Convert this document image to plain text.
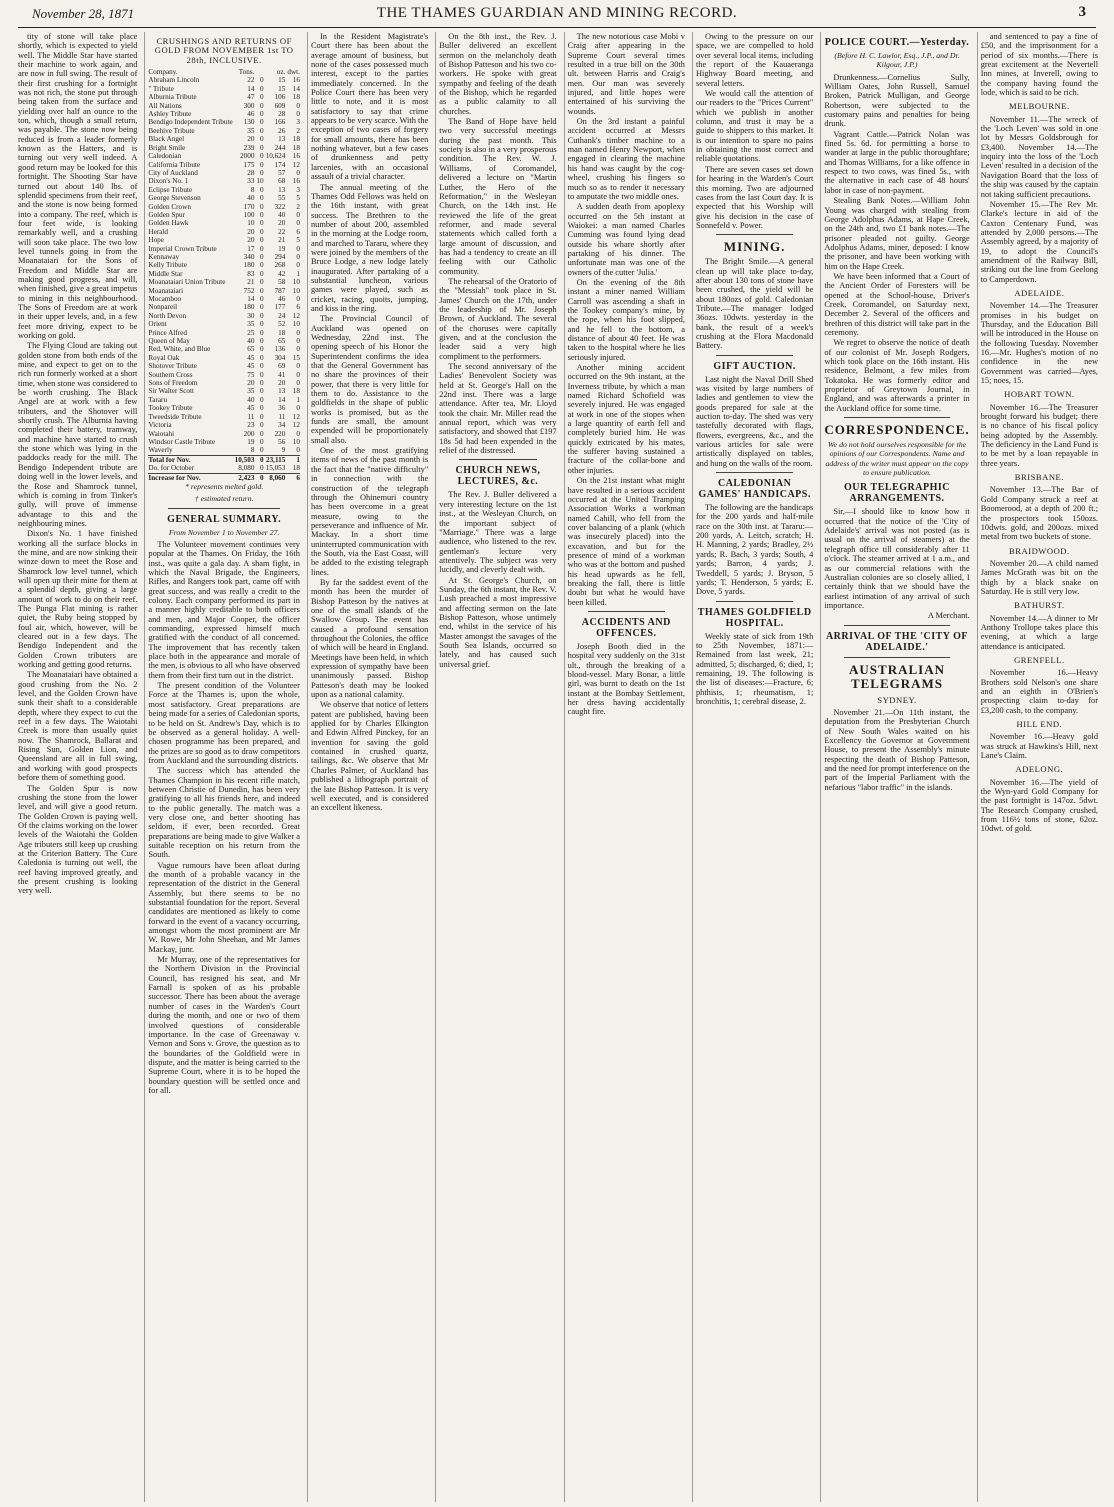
November 28, 1871	THE THAMES GUARDIAN AND MINING RECORD.	3

tity of stone will take place shortly, which is expected to yield well. The Middle Star have started their machine to work again, and are now in full swing. The result of their first crushing for a fortnight was not rich, the stone put through being taken from the surface and yielding over half an ounce to the ton, which, though a small return, was payable. The stone now being reduced is from a leader formerly known as the Hatters, and is turning out very well indeed. A good return may be looked for this fortnight. The Shooting Star have turned out about 140 lbs. of splendid specimens from their reef, and the stone is now being formed into a company. The reef, which is four feet wide, is looking remarkably well, and a crushing will soon take place. The two low level tunnels going in from the Moanataiari for the Sons of Freedom and Middle Star are making good progress, and will, when finished, give a great impetus to mining in this neighbourhood. The Sons of Freedom are at work in their upper levels, and, in a few feet more driving, expect to be working on gold.

The Flying Cloud are taking out golden stone from both ends of the mine, and expect to get on to the rich run formerly worked at a short time, when stone was considered to be worth crushing. The Black Angel are at work with a few tributers, and the Shotover will shortly crush. The Alburnia having completed their battery, tramway, and machine have started to crush the stone which was lying in the paddocks ready for the mill. The Bendigo Independent tribute are doing well in the lower levels, and the Rose and Shamrock tunnel, which is coming in from Tinker's gully, will prove of immense advantage to this and the neighbouring mines.

Dixon's No. 1 have finished working all the surface blocks in the mine, and are now sinking their winze down to meet the Rose and Shamrock low level tunnel, which will open up their mine for them at a splendid depth, giving a large amount of work to do on their reef. The Punga Flat mining is rather quiet, the Ruby being stopped by foul air, which, however, will be cleared out in a few days. The Bendigo Independent and the Golden Crown tributers are working and getting good returns.

The Moanataiari have obtained a good crushing from the No. 2 level, and the Golden Crown have sunk their shaft to a considerable depth, where they expect to cut the reef in a few days. The Waiotahi Creek is more than usually quiet now. The Shamrock, Ballarat and Rising Sun, Golden Lion, and Queensland are all in full swing, and working with good prospects before them of something good.

The Golden Spur is now crushing the stone from the lower level, and will give a good return. The Golden Crown is paying well. Of the claims working on the lower levels of the Waiotahi the Golden Age tributers still keep up crushing at the Criterion Battery. The Cure Caledonia is turning out well, the reef having improved greatly, and the present crushing is looking very well.

CRUSHINGS AND RETURNS OF GOLD FROM NOVEMBER 1st TO 28th, INCLUSIVE.
Company.	Tons.		oz.	dwt.
Abraham Lincoln	22	0	15	16
" Tribute	14	0	15	14
Alburnia Tribute	47	0	106	18
All Nations	300	0	609	0
Ashley Tribute	46	0	28	0
Bendigo Independent Tribute	130	0	166	3
Beehive Tribute	35	0	26	2
Black Angel	20	0	13	18
Bright Smile	239	0	244	18
Caledonian	2000	0	10,624	16
California Tribute	175	0	174	12
City of Auckland	28	0	57	0
Dixon's No. 1	33	10	68	16
Eclipse Tribute	8	0	13	3
George Stevenson	40	0	55	5
Golden Crown	170	0	322	2
Golden Spur	100	0	40	0
Golden Hawk	10	0	20	0
Herald	20	0	22	6
Hope	20	0	21	5
Imperial Crown Tribute	17	0	19	0
Kennaway	340	0	294	0
Kelly Tribute	180	0	268	0
Middle Star	83	0	42	1
Moanataiari Union Tribute	21	0	58	10
Moanataiari	752	0	787	10
Mocamboo	14	0	46	0
Nonpareil	180	0	177	6
North Devon	30	0	24	12
Orient	35	0	52	10
Prince Alfred	25	0	18	0
Queen of May	40	0	65	0
Red, White, and Blue	65	0	136	0
Royal Oak	45	0	304	15
Shotover Tribute	45	0	69	0
Southern Cross	75	0	41	0
Sons of Freedom	20	0	20	0
Sir Walter Scott	35	0	13	18
Tararu	40	0	14	1
Tookey Tribute	45	0	36	0
Tweedside Tribute	11	0	11	12
Victoria	23	0	34	12
Waiotahi	200	0	220	0
Windsor Castle Tribute	19	0	56	10
Waverly	8	0	9	0
Total for Nov.	10,503	0	23,115	1
Do. for October	8,080	0	15,053	18
Increase for Nov.	2,423	0	8,060	6
* represents melted gold.
† estimated return.
GENERAL SUMMARY.
From November 1 to November 27.

The Volunteer movement continues very popular at the Thames. On Friday, the 16th inst., was quite a gala day. A sham fight, in which the Naval Brigade, the Engineers, Rifles, and Rangers took part, came off with great success, and was really a credit to the colony. Each company performed its part in a manner highly creditable to both officers and men, and Major Cooper, the officer commanding, expressed himself much gratified with the conduct of all concerned. The improvement that has recently taken place both in the appearance and morale of the men, is obvious to all who have observed them from their first turn out in the district.

The present condition of the Volunteer Force at the Thames is, upon the whole, most satisfactory. Great preparations are being made for a series of Caledonian sports, to be held on St. Andrew's Day, which is to be observed as a general holiday. A well-chosen programme has been prepared, and the prizes are so good as to draw competitors from Auckland and the surrounding districts.

The success which has attended the Thames Champion in his recent rifle match, between Christie of Dunedin, has been very gratifying to all his friends here, and indeed to the public generally. The match was a very close one, and better shooting has seldom, if ever, been recorded. Great preparations are being made to give Walker a suitable reception on his return from the South.

Vague rumours have been afloat during the month of a probable vacancy in the representation of the district in the General Assembly, but there seems to be no substantial foundation for the report. Several candidates are mentioned as likely to come forward in the event of a vacancy occurring, amongst whom the most prominent are Mr W. Rowe, Mr John Sheehan, and Mr James Mackay, junr.

Mr Murray, one of the representatives for the Northern Division in the Provincial Council, has resigned his seat, and Mr Farnall is spoken of as his probable successor. There has been about the average number of cases in the Warden's Court during the month, and one or two of them involved questions of considerable importance. In the case of Greenaway v. Vernon and Sons v. Grove, the question as to the boundaries of the Goldfield were in dispute, and the matter is being carried to the Supreme Court, where it is to be hoped the boundary question will be settled once and for all.

In the Resident Magistrate's Court there has been about the average amount of business, but none of the cases possessed much interest, except to the parties immediately concerned. In the Police Court there has been very little to note, and it is most satisfactory to say that crime appears to be very scarce. With the exception of two cases of forgery for small amounts, there has been nothing whatever, but a few cases of drunkenness and petty larcenies, with an occasional assault of a trivial character.

The annual meeting of the Thames Odd Fellows was held on the 16th instant, with great success. The Brethren to the number of about 200, assembled in the morning at the Lodge room, and marched to Tararu, where they were joined by the members of the Bruce Lodge, a new lodge lately inaugurated. After partaking of a substantial luncheon, various games were played, such as cricket, racing, quoits, jumping, and kiss in the ring.

The Provincial Council of Auckland was opened on Wednesday, 22nd inst. The opening speech of his Honor the Superintendent confirms the idea that the General Government has no share the provinces of their power, that there is very little for them to do. Assistance to the goldfields in the shape of public works is promised, but as the funds are small, the amount expended will be proportionately small also.

One of the most gratifying items of news of the past month is the fact that the "native difficulty" in connection with the construction of the telegraph through the Ohinemuri country has been overcome in a great measure, owing to the perseverance and influence of Mr. Mackay. In a short time uninterrupted communication with the South, via the East Coast, will be added to the existing telegraph lines.

By far the saddest event of the month has been the murder of Bishop Patteson by the natives at one of the small islands of the Swallow Group. The event has caused a profound sensation throughout the Colonies, the office of which will be heard in England. Meetings have been held, in which expression of sympathy have been unanimously passed. Bishop Patteson's death may be looked upon as a national calamity.

We observe that notice of letters patent are published, having been applied for by Charles Elkington and Edwin Alfred Pinckey, for an invention for saving the gold contained in crushed quartz, tailings, &c. We observe that Mr Charles Palmer, of Auckland has published a lithograph portrait of the late Bishop Patteson. It is very well executed, and is considered an excellent likeness.

On the 8th inst., the Rev. J. Buller delivered an excellent sermon on the melancholy death of Bishop Patteson and his two co-workers. He spoke with great sympathy and feeling of the death of the Bishop, which he regarded as a public calamity to all churches.

The Band of Hope have held two very successful meetings during the past month. This society is also in a very prosperous condition. The Rev. W. J. Williams, of Coromandel, delivered a lecture on "Martin Luther, the Hero of the Reformation," in the Wesleyan Church, on the 14th inst. He reviewed the life of the great reformer, and made several statements which called forth a large amount of discussion, and has had a tendency to create an ill feeling with our Catholic community.

The rehearsal of the Oratorio of the "Messiah" took place in St. James' Church on the 17th, under the leadership of Mr. Joseph Brown, of Auckland. The several of the choruses were capitally given, and at the conclusion the leader said a very high compliment to the performers.

The second anniversary of the Ladies' Benevolent Society was held at St. George's Hall on the 22nd inst. There was a large attendance. After tea, Mr. Lloyd took the chair. Mr. Miller read the annual report, which was very satisfactory, and showed that £197 18s 5d had been expended in the relief of the distressed.

CHURCH NEWS, LECTURES, &c.

The Rev. J. Buller delivered a very interesting lecture on the 1st inst., at the Wesleyan Church, on the important subject of "Marriage." There was a large audience, who listened to the rev. gentleman's lecture very attentively. The subject was very lucidly, and cleverly dealt with.

At St. George's Church, on Sunday, the 6th instant, the Rev. V. Lush preached a most impressive and affecting sermon on the late Bishop Patteson, whose untimely end, whilst in the service of his Master amongst the savages of the South Sea Islands, occurred so lately, and has caused such universal grief.

The new notorious case Mobi v Craig after appearing in the Supreme Court several times resulted in a true bill on the 30th ult. between Harris and Craig's men. Our man was severely injured, and little hopes were entertained of his surviving the wounds.

On the 3rd instant a painful accident occurred at Messrs Cuthank's timber machine to a man named Henry Newport, when engaged in clearing the machine his hand was caught by the cog-wheel, crushing his fingers so much so as to render it necessary to amputate the two middle ones.

A sudden death from apoplexy occurred on the 5th instant at Waiokei: a man named Charles Cumming was found lying dead outside his whare shortly after partaking of his dinner. The unfortunate man was one of the owners of the cutter 'Julia.'

On the evening of the 8th instant a miner named William Carroll was ascending a shaft in the Tookey company's mine, by the rope, when his foot slipped, and he fell to the bottom, a distance of about 40 feet. He was taken to the hospital where he lies seriously injured.

Another mining accident occurred on the 9th instant, at the Inverness tribute, by which a man named Richard Schofield was severely injured. He was engaged at work in one of the stopes when a large quantity of earth fell and completely buried him. He was quickly extricated by his mates, the sufferer having sustained a fracture of the collar-bone and other injuries.

On the 21st instant what might have resulted in a serious accident occurred at the United Tramping Association Works a workman named Cahill, who fell from the cover balancing of a plank (which was insecurely placed) into the excavation, and but for the presence of mind of a workman who was at the bottom and pushed his head upwards as he fell, breaking the fall, there is little doubt but what he would have been killed.

ACCIDENTS AND OFFENCES.

Joseph Booth died in the hospital very suddenly on the 31st ult., through the breaking of a blood-vessel. Mary Bonar, a little girl, was burnt to death on the 1st instant at the Bombay Settlement, her dress having accidentally caught fire.

Owing to the pressure on our space, we are compelled to hold over several local items, including the report of the Kauaeranga Highway Board meeting, and several letters.

We would call the attention of our readers to the "Prices Current" which we publish in another column, and trust it may be a guide to shippers to this market. It is our intention to spare no pains in obtaining the most correct and reliable quotations.

There are seven cases set down for hearing in the Warden's Court this morning. Two are adjourned cases from the last Court day. It is expected that his Worship will give his decision in the case of Sonnefeld v. Power.

MINING.

The Bright Smile.—A general clean up will take place to-day, after about 130 tons of stone have been crushed, the yield will be about 180ozs of gold. Caledonian Tribute.—The manager lodged 36ozs. 10dwts. yesterday in the bank, the result of a week's crushing at the Flora Macdonald Battery.

GIFT AUCTION.

Last night the Naval Drill Shed was visited by large numbers of ladies and gentlemen to view the goods prepared for sale at the auction to-day. The shed was very tastefully decorated with flags, flowers, evergreens, &c., and the various articles for sale were artistically displayed on tables, and hung on the walls of the room.

CALEDONIAN GAMES' HANDICAPS.

The following are the handicaps for the 200 yards and half-mile race on the 30th inst. at Tararu:—200 yards, A. Leitch, scratch; H. H. Manning, 2 yards; Bradley, 2½ yards; R. Bach, 3 yards; South, 4 yards; Barron, 4 yards; J. Tweddell, 5 yards; J. Bryson, 5 yards; T. Henderson, 5 yards; E. Dove, 5 yards.

THAMES GOLDFIELD HOSPITAL.

Weekly state of sick from 19th to 25th November, 1871:—Remained from last week, 21; admitted, 5; discharged, 6; died, 1; remaining, 19. The following is the list of diseases:—Fracture, 6; phthisis, 1; rheumatism, 1; bronchitis, 1; cerebral disease, 2.

POLICE COURT.—Yesterday.
(Before H. C. Lawlor, Esq., J.P., and Dr. Kilgour, J.P.)

Drunkenness.—Cornelius Sully, William Oates, John Russell, Samuel Broken, Patrick Mulligan, and George Robertson, were subjected to the customary pains and penalties for being drunk.

Vagrant Cattle.—Patrick Nolan was fined 5s. 6d. for permitting a horse to wander at large in the public thoroughfare; and Thomas Williams, for a like offence in respect to two cows, was fined 5s., with the alternative in each case of 48 hours' labor in case of non-payment.

Stealing Bank Notes.—William John Young was charged with stealing from George Adolphus Adams, at Hape Creek, on the 24th and, two £1 bank notes.—The prisoner pleaded not guilty. George Adolphus Adams, miner, deposed: I know the prisoner, and have been working with him on the Hape Creek.

We have been informed that a Court of the Ancient Order of Foresters will be opened at the School-house, Driver's Creek, Coromandel, on Saturday next, December 2. Several of the officers and brethren of this district will take part in the ceremony.

We regret to observe the notice of death of our colonist of Mr. Joseph Rodgers, which took place on the 16th instant. His residence, Belmont, a few miles from Tokatoka. He was formerly editor and proprietor of Greytown Journal, in England, and was afterwards a printer in the Auckland office for some time.

CORRESPONDENCE.
We do not hold ourselves responsible for the opinions of our Correspondents. Name and address of the writer must appear on the copy to ensure publication.
OUR TELEGRAPHIC ARRANGEMENTS.

Sir,—I should like to know how it occurred that the notice of the 'City of Adelaide's' arrival was not posted (as is usual on the arrival of steamers) at the telegraph office till considerably after 11 o'clock. The steamer arrived at 1 a.m., and as our commercial relations with the Australian colonies are so closely allied, I certainly think that we should have the earliest intimation of any arrival of such importance.

A Merchant.

ARRIVAL OF THE 'CITY OF ADELAIDE.'
AUSTRALIAN TELEGRAMS
SYDNEY.

November 21.—On 11th instant, the deputation from the Presbyterian Church of New South Wales waited on his Excellency the Governor at Government House, to present the Assembly's minute respecting the death of Bishop Patteson, and the need for prompt interference on the part of the Imperial Parliament with the nefarious "labor traffic" in the islands.

and sentenced to pay a fine of £50, and the imprisonment for a period of six months.—There is great excitement at the Nevertell Inn mines, at Inverell, owing to the company having found the lode, which is said to be rich.

MELBOURNE.

November 11.—The wreck of the 'Loch Leven' was sold in one lot by Messrs Goldsbrough for £3,400. November 14.—The inquiry into the loss of the 'Loch Leven' resulted in a decision of the Navigation Board that the loss of the ship was caused by the captain not taking sufficient precautions.

November 15.—The Rev Mr. Clarke's lecture in aid of the Caxton Centenary Fund, was attended by 2,000 persons.—The Assembly agreed, by a majority of 19, to adopt the Council's amendment of the Railway Bill, striking out the line from Geelong to Camperdown.

ADELAIDE.

November 14.—The Treasurer promises in his budget on Thursday, and the Education Bill will be introduced in the House on the following Tuesday. November 16.—Mr. Hughes's motion of no confidence in the new Government was carried—Ayes, 15; noes, 15.

HOBART TOWN.

November 16.—The Treasurer brought forward his budget; there is no chance of his fiscal policy being adopted by the Assembly. The deficiency in the Land Fund is to be met by a loan repayable in three years.

BRISBANE.

November 13.—The Bar of Gold Company struck a reef at Boomerood, at a depth of 200 ft.; the prospectors took 150ozs. 10dwts. gold, and 200ozs. mixed metal from two buckets of stone.

BRAIDWOOD.

November 20.—A child named James McGrath was bit on the thigh by a black snake on Saturday. He is still very low.

BATHURST.

November 14.—A dinner to Mr Anthony Trollope takes place this evening, at which a large attendance is anticipated.

GRENFELL.

November 16.—Heavy Brothers sold Nelson's one share and an eighth in O'Brien's prospecting claim to-day for £3,200 cash, to the company.

HILL END.

November 16.—Heavy gold was struck at Hawkins's Hill, next Lane's Claim.

ADELONG.

November 16.—The yield of the Wyn-yard Gold Company for the past fortnight is 147oz. 5dwt. The Research Company crushed, from 116½ tons of stone, 62oz. 10dwt. of gold.
